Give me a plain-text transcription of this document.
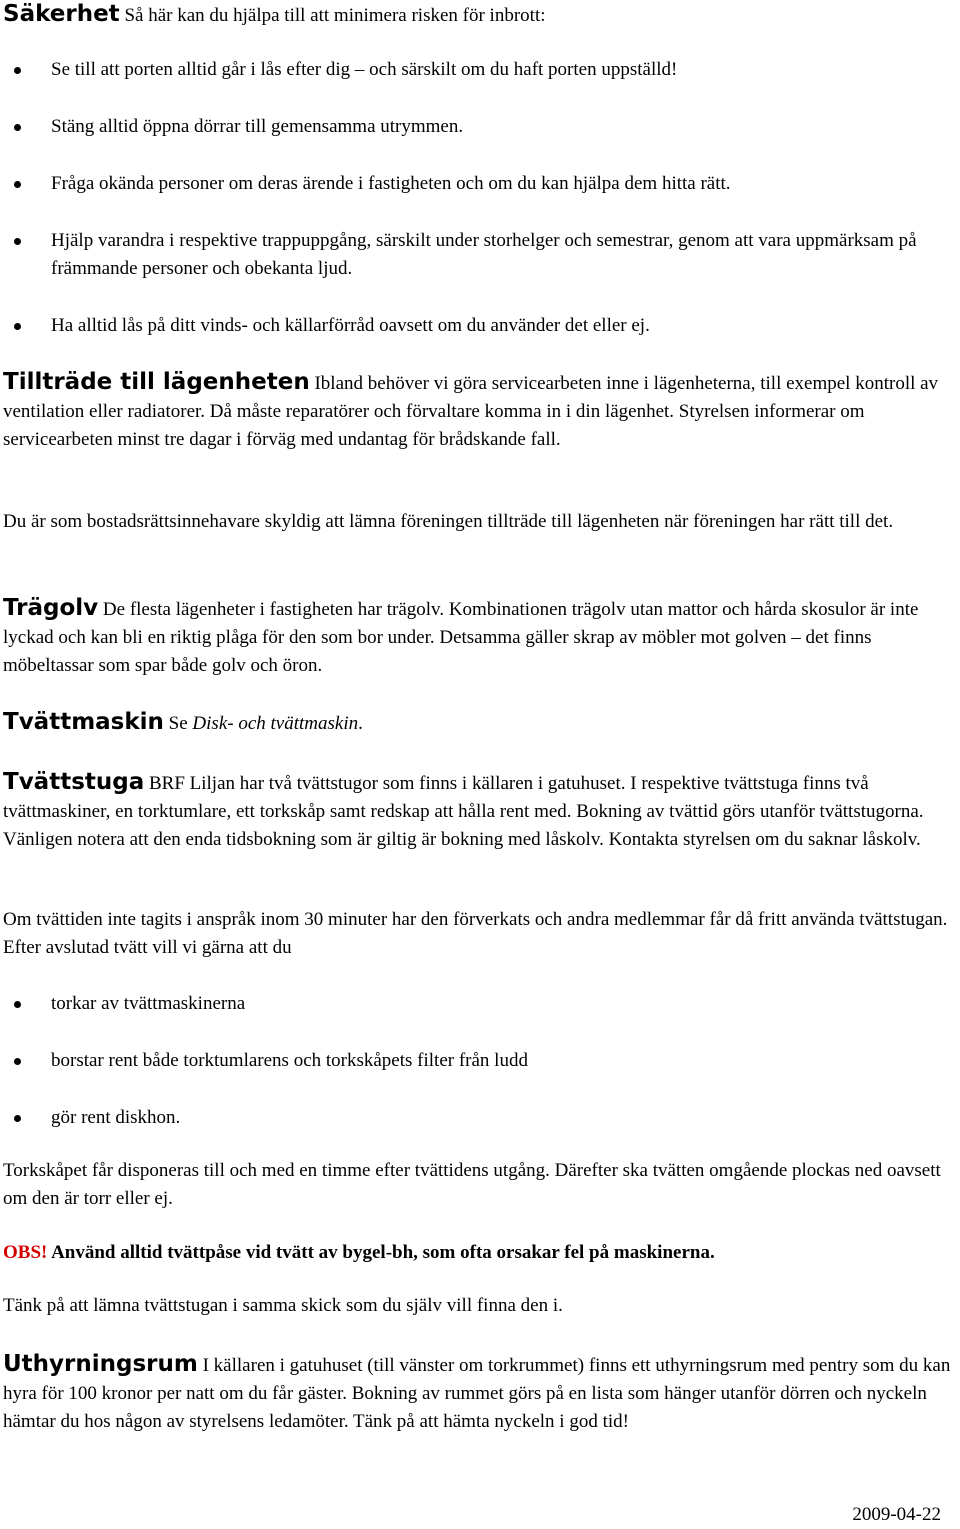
Säkerhet Så här kan du hjälpa till att minimera risken för inbrott:

Se till att porten alltid går i lås efter dig – och särskilt om du haft porten uppställd!
Stäng alltid öppna dörrar till gemensamma utrymmen.
Fråga okända personer om deras ärende i fastigheten och om du kan hjälpa dem hitta rätt.
Hjälp varandra i respektive trappuppgång, särskilt under storhelger och semestrar, genom att vara uppmärksam på främmande personer och obekanta ljud.
Ha alltid lås på ditt vinds- och källarförråd oavsett om du använder det eller ej.

Tillträde till lägenheten Ibland behöver vi göra servicearbeten inne i lägenheterna, till exempel kontroll av ventilation eller radiatorer. Då måste reparatörer och förvaltare komma in i din lägenhet. Styrelsen informerar om servicearbeten minst tre dagar i förväg med undantag för brådskande fall.

Du är som bostadsrättsinnehavare skyldig att lämna föreningen tillträde till lägenheten när föreningen har rätt till det.

Trägolv De flesta lägenheter i fastigheten har trägolv. Kombinationen trägolv utan mattor och hårda skosulor är inte lyckad och kan bli en riktig plåga för den som bor under. Detsamma gäller skrap av möbler mot golven – det finns möbeltassar som spar både golv och öron.

Tvättmaskin Se Disk- och tvättmaskin.

Tvättstuga BRF Liljan har två tvättstugor som finns i källaren i gatuhuset. I respektive tvättstuga finns två tvättmaskiner, en torktumlare, ett torkskåp samt redskap att hålla rent med. Bokning av tvättid görs utanför tvättstugorna. Vänligen notera att den enda tidsbokning som är giltig är bokning med låskolv. Kontakta styrelsen om du saknar låskolv.

Om tvättiden inte tagits i anspråk inom 30 minuter har den förverkats och andra medlemmar får då fritt använda tvättstugan. Efter avslutad tvätt vill vi gärna att du

torkar av tvättmaskinerna
borstar rent både torktumlarens och torkskåpets filter från ludd
gör rent diskhon.

Torkskåpet får disponeras till och med en timme efter tvättidens utgång. Därefter ska tvätten omgående plockas ned oavsett om den är torr eller ej.

OBS! Använd alltid tvättpåse vid tvätt av bygel-bh, som ofta orsakar fel på maskinerna.

Tänk på att lämna tvättstugan i samma skick som du själv vill finna den i.

Uthyrningsrum I källaren i gatuhuset (till vänster om torkrummet) finns ett uthyrningsrum med pentry som du kan hyra för 100 kronor per natt om du får gäster. Bokning av rummet görs på en lista som hänger utanför dörren och nyckeln hämtar du hos någon av styrelsens ledamöter. Tänk på att hämta nyckeln i god tid!

2009-04-22
